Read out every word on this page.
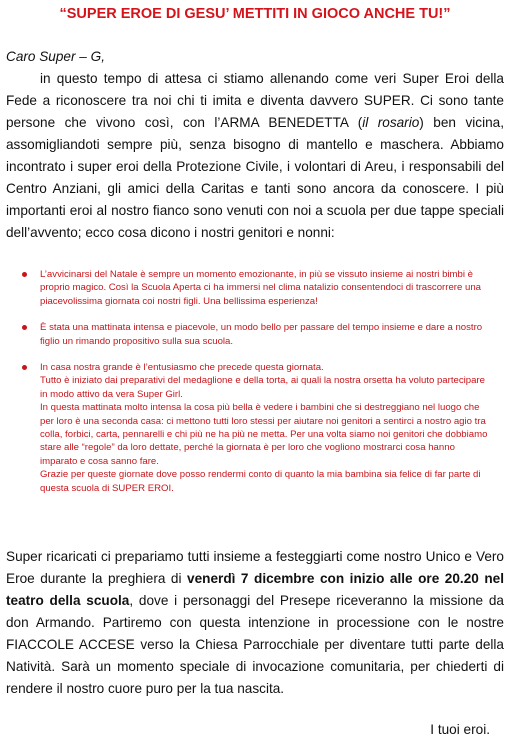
“SUPER EROE DI GESU’ METTITI IN GIOCO ANCHE TU!”
Caro Super – G,

in questo tempo di attesa ci stiamo allenando come veri Super Eroi della Fede a riconoscere tra noi chi ti imita e diventa davvero SUPER. Ci sono tante persone che vivono così, con l’ARMA BENEDETTA (il rosario) ben vicina, assomigliandoti sempre più, senza bisogno di mantello e maschera. Abbiamo incontrato i super eroi della Protezione Civile, i volontari di Areu, i responsabili del Centro Anziani, gli amici della Caritas e tanti sono ancora da conoscere. I più importanti eroi al nostro fianco sono venuti con noi a scuola per due tappe speciali dell’avvento; ecco cosa dicono i nostri genitori e nonni:

L’avvicinarsi del Natale è sempre un momento emozionante, in più se vissuto insieme ai nostri bimbi è proprio magico. Così la Scuola Aperta ci ha immersi nel clima natalizio consentendoci di trascorrere una piacevolissima giornata coi nostri figli. Una bellissima esperienza!

È stata una mattinata intensa e piacevole, un modo bello per passare del tempo insieme e dare a nostro figlio un rimando propositivo sulla sua scuola.

In casa nostra grande è l’entusiasmo che precede questa giornata.

Tutto è iniziato dai preparativi del medaglione e della torta, ai quali la nostra orsetta ha voluto partecipare in modo attivo da vera Super Girl.

In questa mattinata molto intensa la cosa più bella è vedere i bambini che si destreggiano nel luogo che per loro è una seconda casa: ci mettono tutti loro stessi per aiutare noi genitori a sentirci a nostro agio tra colla, forbici, carta, pennarelli e chi più ne ha più ne metta. Per una volta siamo noi genitori che dobbiamo stare alle “regole” da loro dettate, perché la giornata è per loro che vogliono mostrarci cosa hanno imparato e cosa sanno fare.

Grazie per queste giornate dove posso rendermi conto di quanto la mia bambina sia felice di far parte di questa scuola di SUPER EROI.

Super ricaricati ci prepariamo tutti insieme a festeggiarti come nostro Unico e Vero Eroe durante la preghiera di venerdì 7 dicembre con inizio alle ore 20.20 nel teatro della scuola, dove i personaggi del Presepe riceveranno la missione da don Armando. Partiremo con questa intenzione in processione con le nostre FIACCOLE ACCESE verso la Chiesa Parrocchiale per diventare tutti parte della Natività. Sarà un momento speciale di invocazione comunitaria, per chiederti di rendere il nostro cuore puro per la tua nascita.

I tuoi eroi.
